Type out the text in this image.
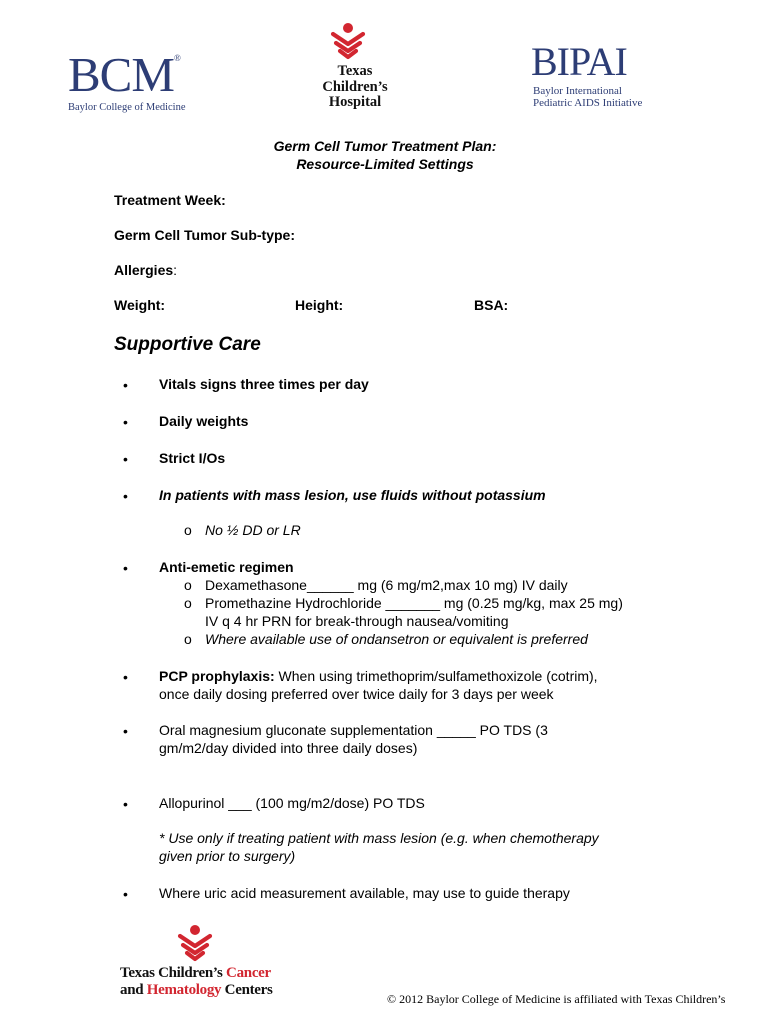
BCM®
Baylor College of Medicine
Texas
Children’s
Hospital
BIPAI
Baylor International
Pediatric AIDS Initiative
Germ Cell Tumor Treatment Plan:
Resource-Limited Settings
Treatment Week:
Germ Cell Tumor Sub-type:
Allergies:
Weight:	Height:	BSA:
Supportive Care
• Vitals signs three times per day
• Daily weights
• Strict I/Os
• In patients with mass lesion, use fluids without potassium
o No ½ DD or LR
• Anti-emetic regimen
o Dexamethasone______ mg (6 mg/m2,max 10 mg) IV daily
o Promethazine Hydrochloride _______ mg (0.25 mg/kg, max 25 mg)
IV q 4 hr PRN for break-through nausea/vomiting
o Where available use of ondansetron or equivalent is preferred
• PCP prophylaxis: When using trimethoprim/sulfamethoxizole (cotrim),
once daily dosing preferred over twice daily for 3 days per week
• Oral magnesium gluconate supplementation _____ PO TDS (3
gm/m2/day divided into three daily doses)
• Allopurinol ___ (100 mg/m2/dose) PO TDS
* Use only if treating patient with mass lesion (e.g. when chemotherapy
given prior to surgery)
• Where uric acid measurement available, may use to guide therapy
Texas Children’s Cancer
and Hematology Centers
© 2012 Baylor College of Medicine is affiliated with Texas Children’s
